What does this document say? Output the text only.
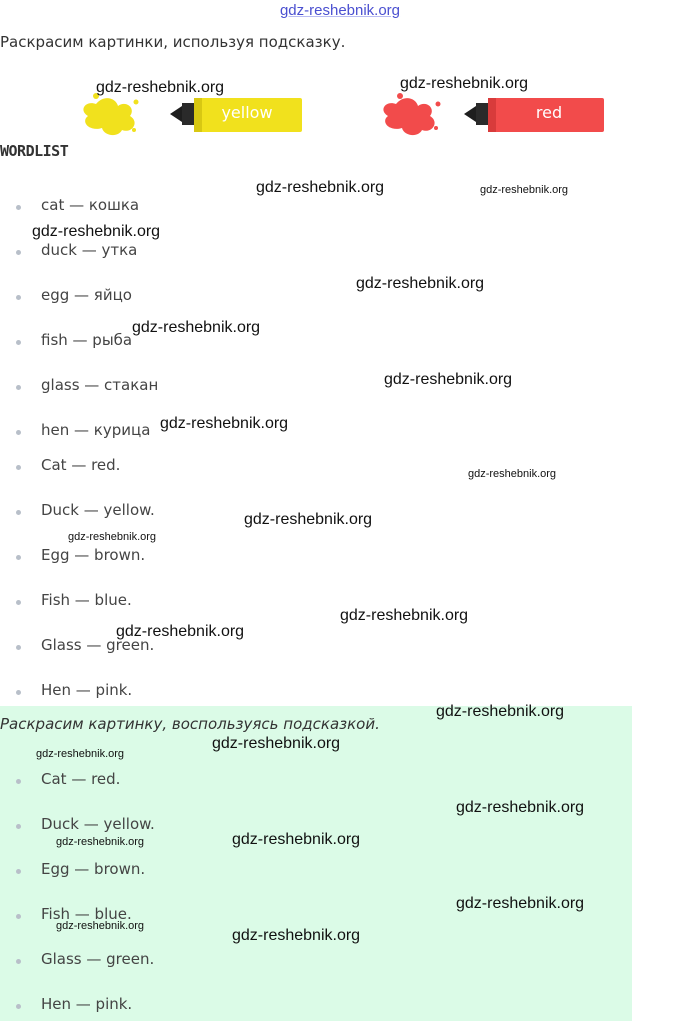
gdz-reshebnik.org
Раскрасим картинки, используя подсказку.
yellow	red
WORDLIST
cat — кошка
duck — утка
egg — яйцо
fish — рыба
glass — стакан
hen — курица
Cat — red.
Duck — yellow.
Egg — brown.
Fish — blue.
Glass — green.
Hen — pink.
Раскрасим картинку, воспользуясь подсказкой.
Cat — red.
Duck — yellow.
Egg — brown.
Fish — blue.
Glass — green.
Hen — pink.
gdz-reshebnik.org	gdz-reshebnik.org
gdz-reshebnik.org	gdz-reshebnik.org
gdz-reshebnik.org
gdz-reshebnik.org
gdz-reshebnik.org
gdz-reshebnik.org
gdz-reshebnik.org
gdz-reshebnik.org
gdz-reshebnik.org
gdz-reshebnik.org
gdz-reshebnik.org
gdz-reshebnik.org
gdz-reshebnik.org
gdz-reshebnik.org
gdz-reshebnik.org
gdz-reshebnik.org
gdz-reshebnik.org
gdz-reshebnik.org
gdz-reshebnik.org
gdz-reshebnik.org
gdz-reshebnik.org
